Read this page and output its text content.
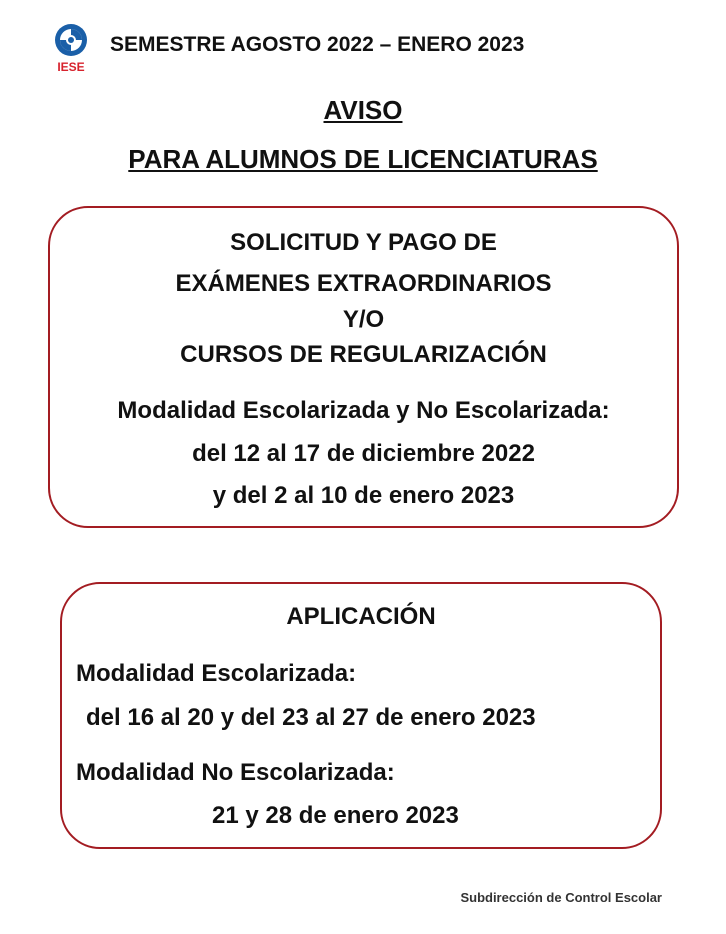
IESE
SEMESTRE AGOSTO 2022 – ENERO 2023
AVISO
PARA ALUMNOS DE LICENCIATURAS
SOLICITUD Y PAGO DE
EXÁMENES EXTRAORDINARIOS
Y/O
CURSOS DE REGULARIZACIÓN
Modalidad Escolarizada y No Escolarizada:
del 12 al 17 de diciembre 2022
y del 2 al 10 de enero 2023
APLICACIÓN
Modalidad Escolarizada:
del 16 al 20 y del 23 al 27 de enero 2023
Modalidad No Escolarizada:
21 y 28 de enero 2023
Subdirección de Control Escolar
